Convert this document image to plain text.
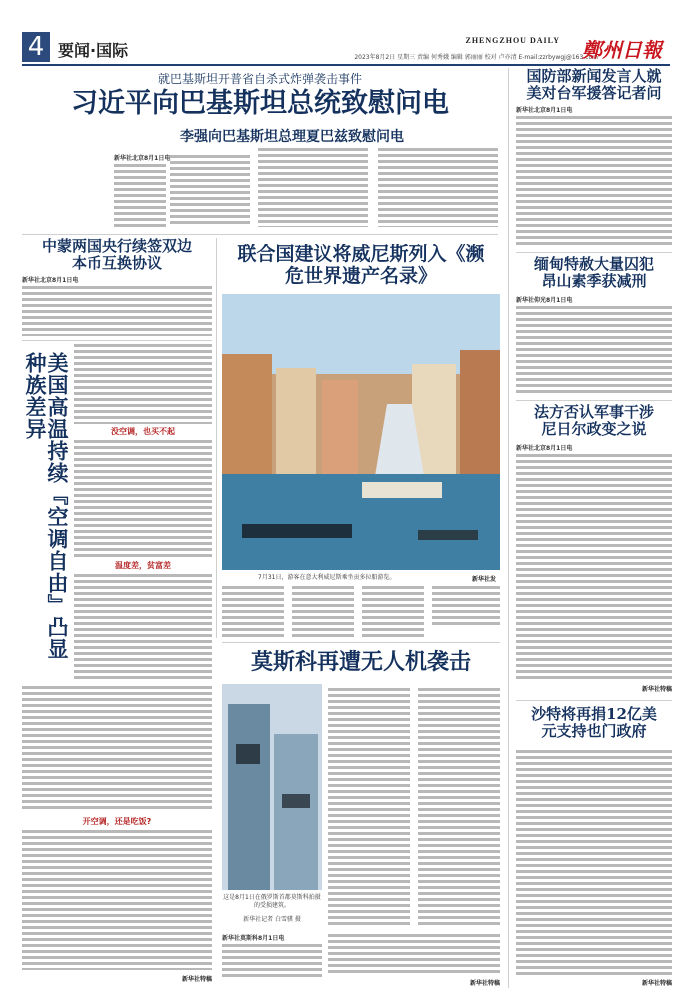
4 要闻·国际
ZHENGZHOU DAILY
2023年8月2日 星期三 责编 何秀娥 编辑 郭丽丽 校对 卢亦清 E-mail:zzrbywgj@163.com
鄭州日報
就巴基斯坦开普省自杀式炸弹袭击事件
习近平向巴基斯坦总统致慰问电
李强向巴基斯坦总理夏巴兹致慰问电
新华社北京8月1日电
国防部新闻发言人就美对台军援答记者问
新华社北京8月1日电
中蒙两国央行续签双边本币互换协议
新华社北京8月1日电
联合国建议将威尼斯列入《濒危世界遗产名录》
7月31日，游客在意大利威尼斯乘坐贡多拉船游览。	新华社发
缅甸特赦大量囚犯昂山素季获减刑
新华社仰光8月1日电
美国高温持续『空调自由』凸显种族差异	没空调，也买不起
温度差，贫富差
开空调，还是吃饭?
新华社特稿
法方否认军事干涉尼日尔政变之说
新华社北京8月1日电
新华社特稿
莫斯科再遭无人机袭击
这是8月1日在俄罗斯首都莫斯科拍摄的受损建筑。
新华社记者 白雪骐 摄
新华社莫斯科8月1日电
新华社特稿
沙特将再捐12亿美元支持也门政府
新华社特稿
